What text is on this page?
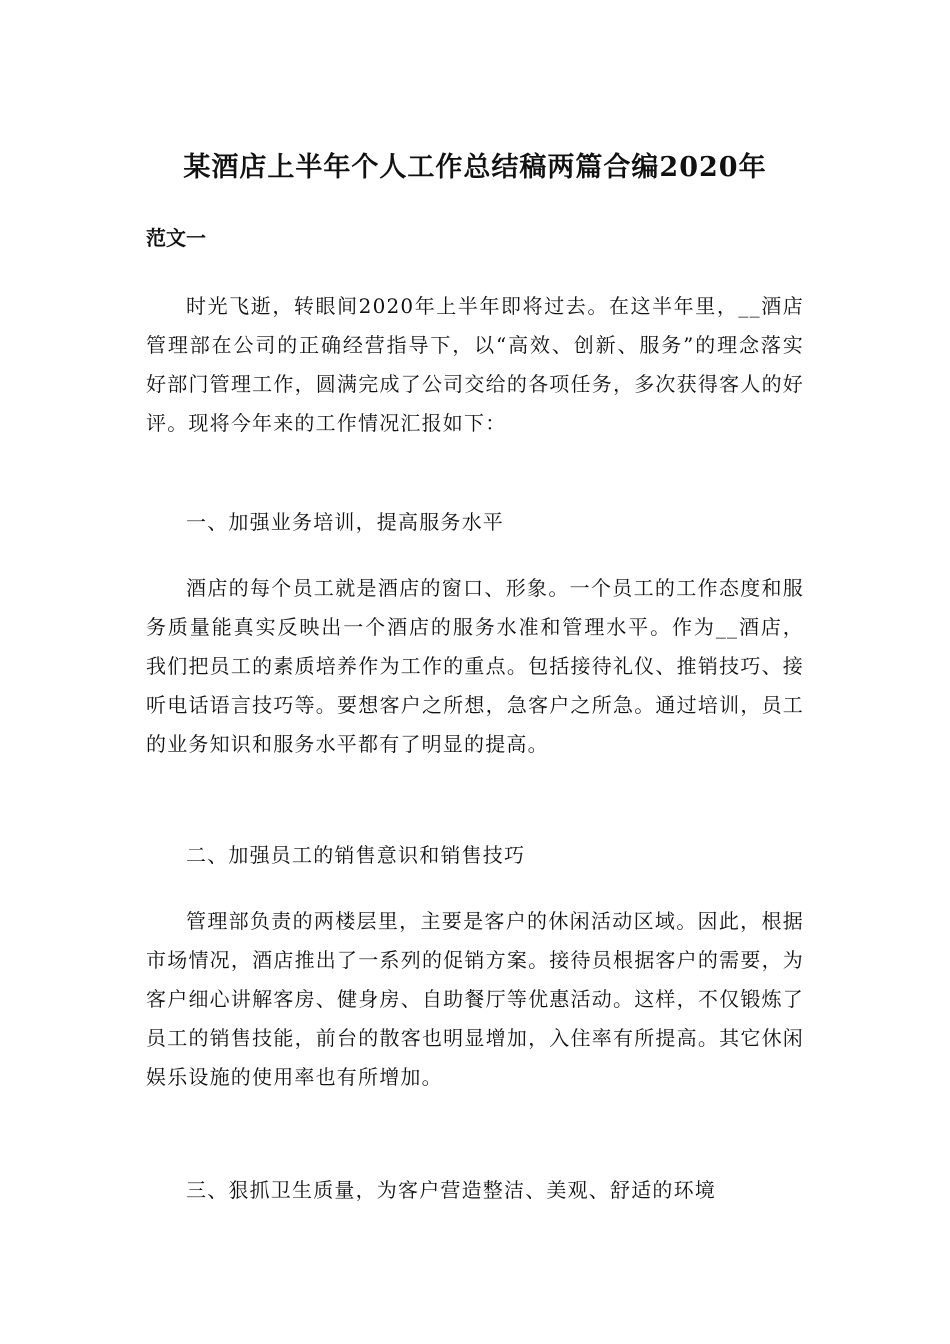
某酒店上半年个人工作总结稿两篇合编2020年
范文一

时光飞逝，转眼间2020年上半年即将过去。在这半年里，__酒店管理部在公司的正确经营指导下，以“高效、创新、服务”的理念落实好部门管理工作，圆满完成了公司交给的各项任务，多次获得客人的好评。现将今年来的工作情况汇报如下：

一、加强业务培训，提高服务水平

酒店的每个员工就是酒店的窗口、形象。一个员工的工作态度和服务质量能真实反映出一个酒店的服务水准和管理水平。作为__酒店，我们把员工的素质培养作为工作的重点。包括接待礼仪、推销技巧、接听电话语言技巧等。要想客户之所想，急客户之所急。通过培训，员工的业务知识和服务水平都有了明显的提高。

二、加强员工的销售意识和销售技巧

管理部负责的两楼层里，主要是客户的休闲活动区域。因此，根据市场情况，酒店推出了一系列的促销方案。接待员根据客户的需要，为客户细心讲解客房、健身房、自助餐厅等优惠活动。这样，不仅锻炼了员工的销售技能，前台的散客也明显增加，入住率有所提高。其它休闲娱乐设施的使用率也有所增加。

三、狠抓卫生质量，为客户营造整洁、美观、舒适的环境
